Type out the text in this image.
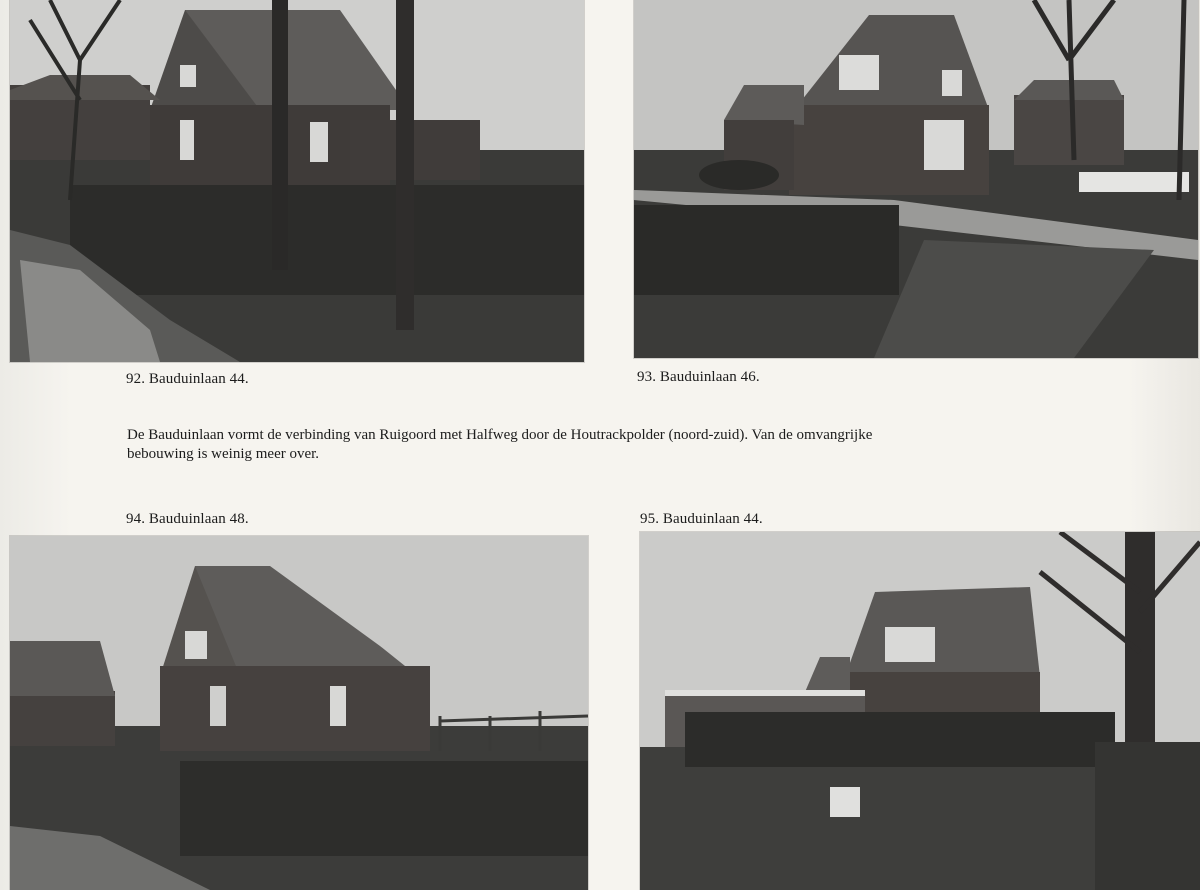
92. Bauduinlaan 44.	93. Bauduinlaan 46.
De Bauduinlaan vormt de verbinding van Ruigoord met Halfweg door de Houtrackpolder (noord-zuid). Van de omvangrijke
bebouwing is weinig meer over.
94. Bauduinlaan 48.	95. Bauduinlaan 44.
